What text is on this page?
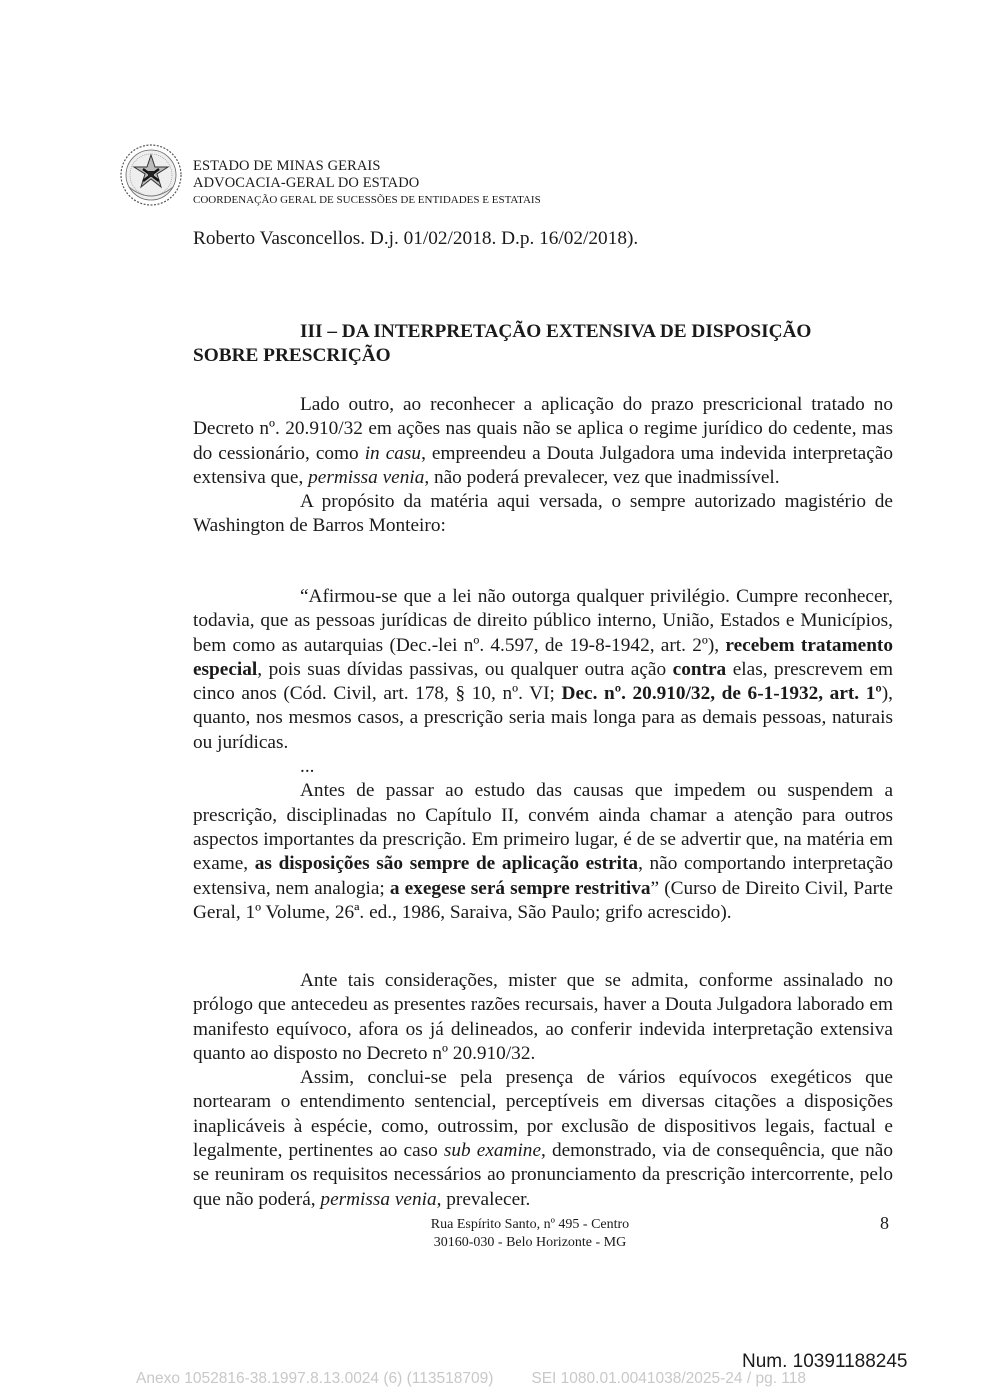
ESTADO DE MINAS GERAIS
ADVOCACIA-GERAL DO ESTADO
COORDENAÇÃO GERAL DE SUCESSÕES DE ENTIDADES E ESTATAIS

Roberto Vasconcellos. D.j. 01/02/2018. D.p. 16/02/2018).

III – DA INTERPRETAÇÃO EXTENSIVA DE DISPOSIÇÃO

SOBRE PRESCRIÇÃO

Lado outro, ao reconhecer a aplicação do prazo prescricional tratado no Decreto nº. 20.910/32 em ações nas quais não se aplica o regime jurídico do cedente, mas do cessionário, como in casu, empreendeu a Douta Julgadora uma indevida interpretação extensiva que, permissa venia, não poderá prevalecer, vez que inadmissível.

A propósito da matéria aqui versada, o sempre autorizado magistério de Washington de Barros Monteiro:

“Afirmou-se que a lei não outorga qualquer privilégio. Cumpre reconhecer, todavia, que as pessoas jurídicas de direito público interno, União, Estados e Municípios, bem como as autarquias (Dec.-lei nº. 4.597, de 19-8-1942, art. 2º), recebem tratamento especial, pois suas dívidas passivas, ou qualquer outra ação contra elas, prescrevem em cinco anos (Cód. Civil, art. 178, § 10, nº. VI; Dec. nº. 20.910/32, de 6-1-1932, art. 1º), quanto, nos mesmos casos, a prescrição seria mais longa para as demais pessoas, naturais ou jurídicas.

...

Antes de passar ao estudo das causas que impedem ou suspendem a prescrição, disciplinadas no Capítulo II, convém ainda chamar a atenção para outros aspectos importantes da prescrição. Em primeiro lugar, é de se advertir que, na matéria em exame, as disposições são sempre de aplicação estrita, não comportando interpretação extensiva, nem analogia; a exegese será sempre restritiva” (Curso de Direito Civil, Parte Geral, 1º Volume, 26ª. ed., 1986, Saraiva, São Paulo; grifo acrescido).

Ante tais considerações, mister que se admita, conforme assinalado no prólogo que antecedeu as presentes razões recursais, haver a Douta Julgadora laborado em manifesto equívoco, afora os já delineados, ao conferir indevida interpretação extensiva quanto ao disposto no Decreto nº 20.910/32.

Assim, conclui-se pela presença de vários equívocos exegéticos que nortearam o entendimento sentencial, perceptíveis em diversas citações a disposições inaplicáveis à espécie, como, outrossim, por exclusão de dispositivos legais, factual e legalmente, pertinentes ao caso sub examine, demonstrado, via de consequência, que não se reuniram os requisitos necessários ao pronunciamento da prescrição intercorrente, pelo que não poderá, permissa venia, prevalecer.

Rua Espírito Santo, nº 495 - Centro
30160-030 - Belo Horizonte - MG
8
Num. 10391188245
Anexo 1052816-38.1997.8.13.0024 (6) (113518709) SEI 1080.01.0041038/2025-24 / pg. 118
